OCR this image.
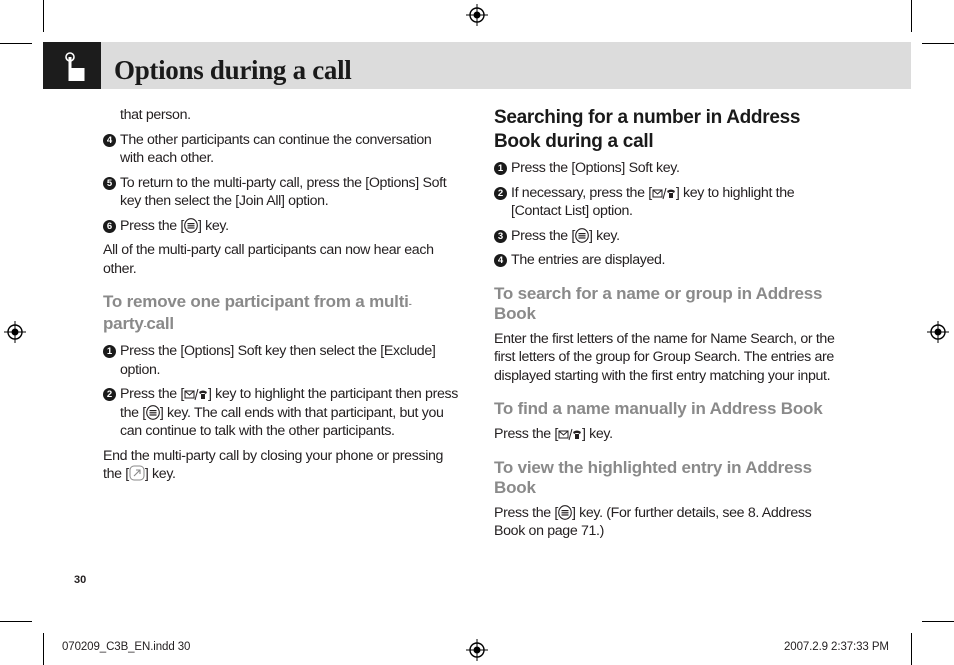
Options during a call

that person.

4 The other participants can continue the conversation with each other.
5 To return to the multi-party call, press the [Options] Soft key then select the [Join All] option.
6 Press the [ ] key.

All of the multi-party call participants can now hear each other.

To remove one participant from a multi-
party-call
1 Press the [Options] Soft key then select the [Exclude] option.
2 Press the [ ] key to highlight the participant then press the [ ] key. The call ends with that participant, but you can continue to talk with the other participants.

End the multi-party call by closing your phone or pressing the [ ] key.

Searching for a number in Address Book during a call
1 Press the [Options] Soft key.
2 If necessary, press the [ ] key to highlight the [Contact List] option.
3 Press the [ ] key.
4 The entries are displayed.
To search for a name or group in Address Book

Enter the first letters of the name for Name Search, or the first letters of the group for Group Search. The entries are displayed starting with the first entry matching your input.

To find a name manually in Address Book

Press the [ ] key.

To view the highlighted entry in Address Book

Press the [ ] key. (For further details, see 8. Address Book on page 71.)

30
070209_C3B_EN.indd 30	2007.2.9 2:37:33 PM
